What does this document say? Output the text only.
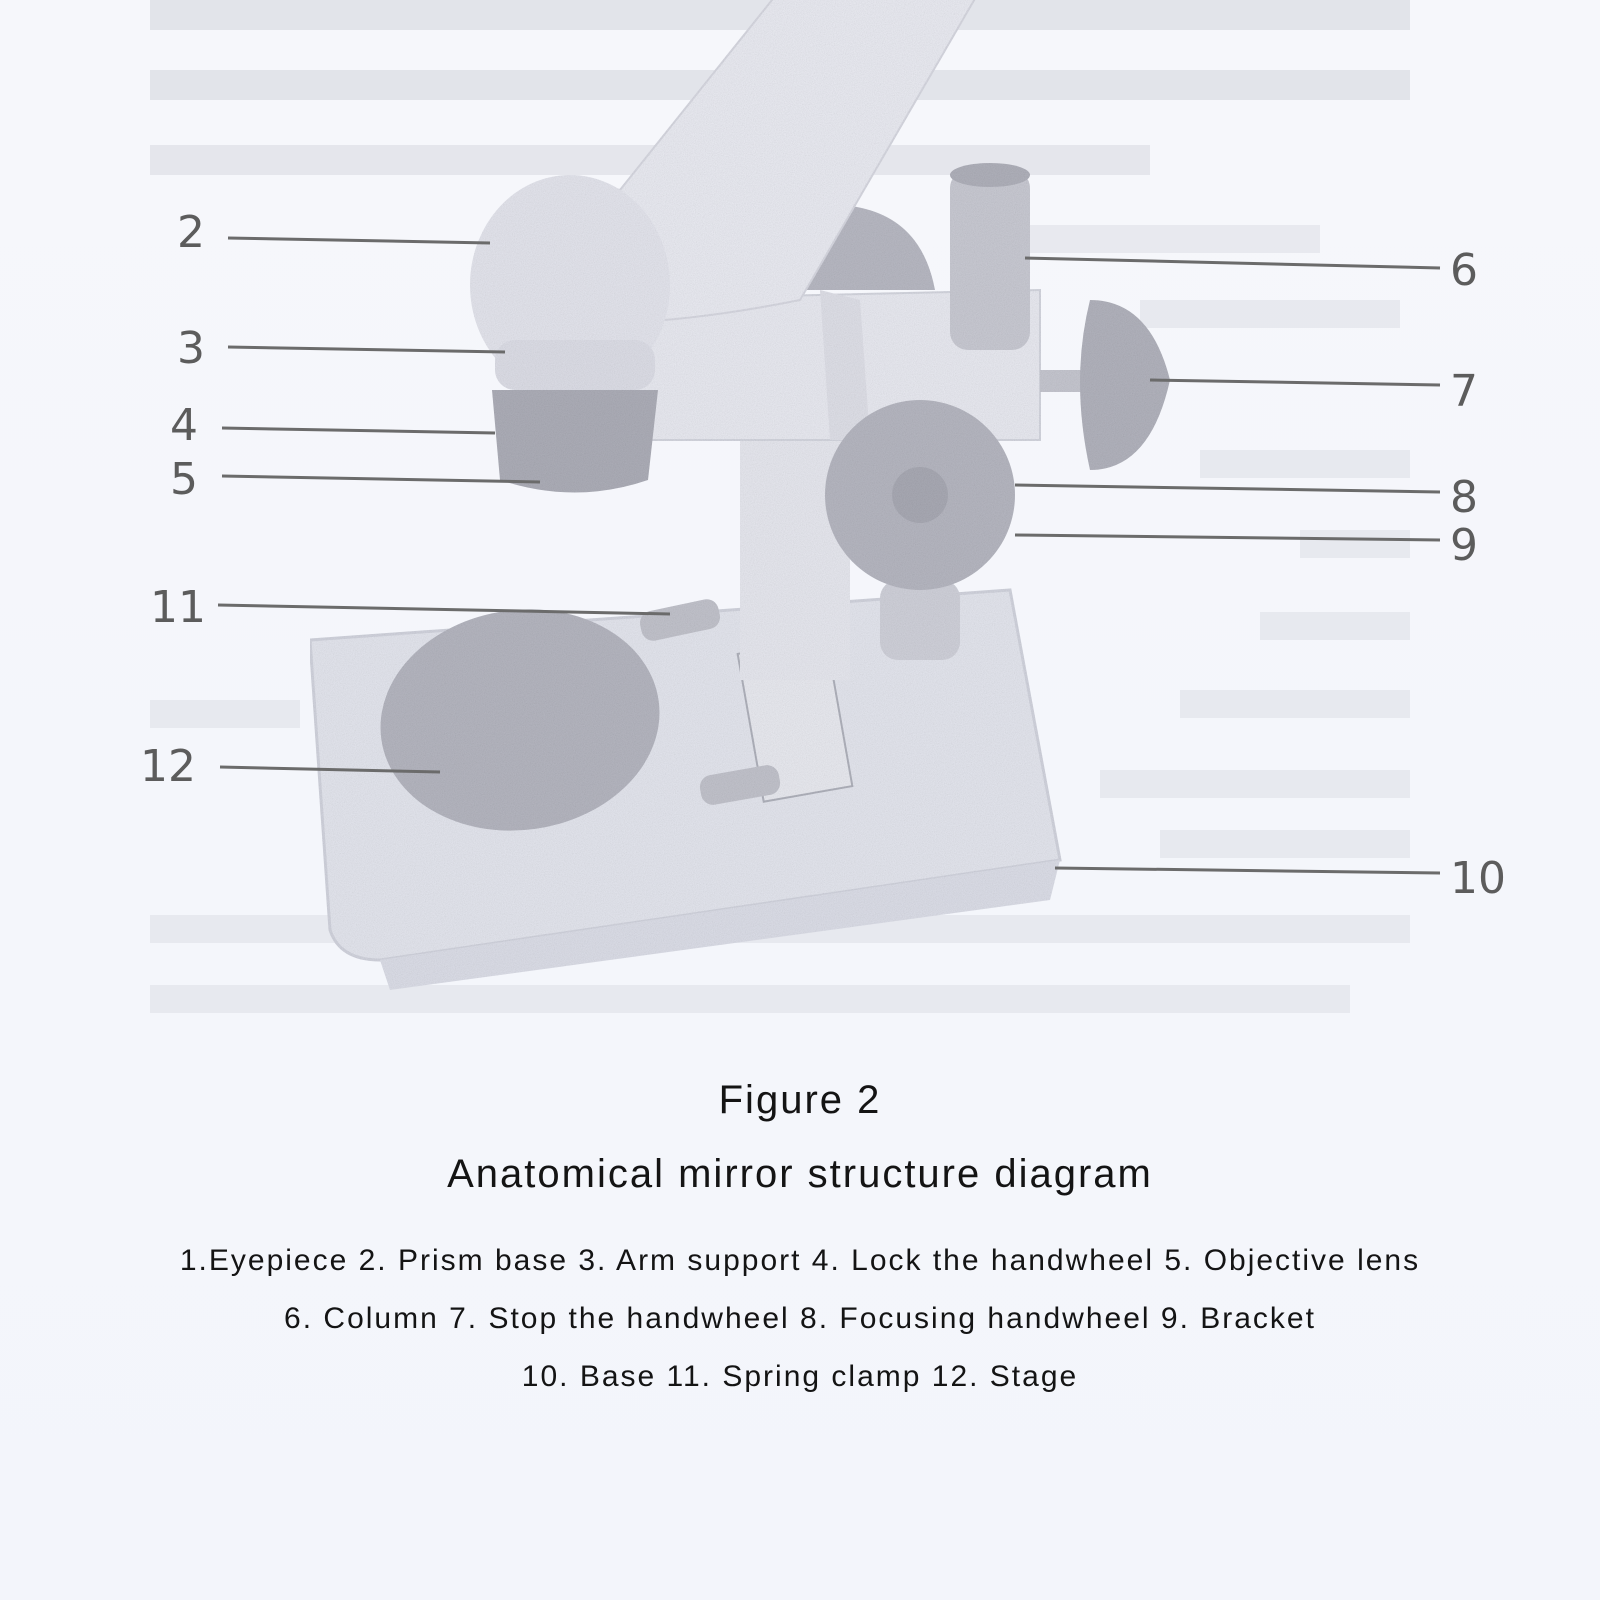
2
3
4
5
11
12
6
7
8
9
10
Figure 2
Anatomical mirror structure diagram
1.Eyepiece 2. Prism base 3. Arm support 4. Lock the handwheel 5. Objective lens
6. Column 7. Stop the handwheel 8. Focusing handwheel 9. Bracket
10. Base 11. Spring clamp 12. Stage
